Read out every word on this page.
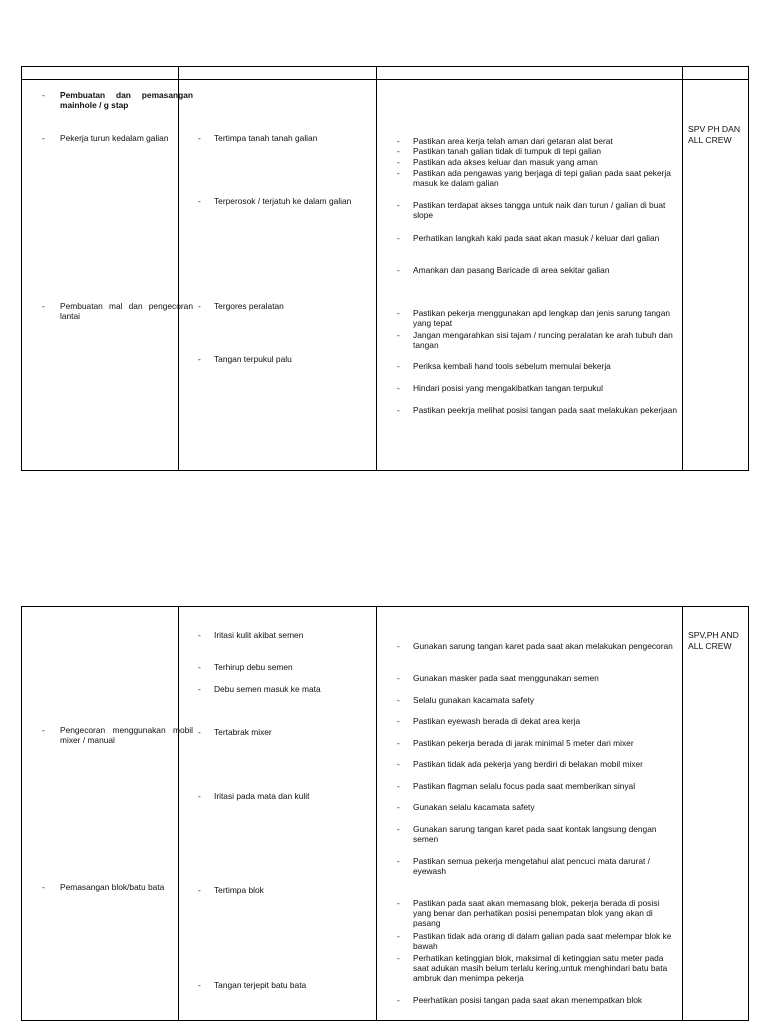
- Pembuatan dan pemasangan mainhole / g stap
- Pekerja turun kedalam galian
- Pembuatan mal dan pengecoran lantai
- Tertimpa tanah tanah galian
- Terperosok / terjatuh ke dalam galian
- Tergores peralatan
- Tangan terpukul palu
- Pastikan area kerja telah aman dari getaran alat berat
- Pastikan tanah galian tidak di tumpuk di tepi galian
- Pastikan ada akses keluar dan masuk yang aman
- Pastikan ada pengawas yang berjaga di tepi galian pada saat pekerja masuk ke dalam galian
- Pastikan terdapat akses tangga untuk naik dan turun / galian di buat slope
- Perhatikan langkah kaki pada saat akan masuk / keluar dari galian
- Amankan dan pasang Baricade di area sekitar galian
- Pastikan pekerja menggunakan apd lengkap dan jenis sarung tangan yang tepat
- Jangan mengarahkan sisi tajam / runcing peralatan ke arah tubuh dan tangan
- Periksa kembali hand tools sebelum memulai bekerja
- Hindari posisi yang mengakibatkan tangan terpukul
- Pastikan peekrja melihat posisi tangan pada saat melakukan pekerjaan
SPV PH DAN ALL CREW
- Pengecoran menggunakan mobil mixer / manual
- Pemasangan blok/batu bata
- Iritasi kulit akibat semen
- Terhirup debu semen
- Debu semen masuk ke mata
- Tertabrak mixer
- Iritasi pada mata dan kulit
- Tertimpa blok
- Tangan terjepit batu bata
- Gunakan sarung tangan karet pada saat akan melakukan pengecoran
- Gunakan masker pada saat menggunakan semen
- Selalu gunakan kacamata safety
- Pastikan eyewash berada di dekat area kerja
- Pastikan pekerja berada di jarak minimal 5 meter dari mixer
- Pastikan tidak ada pekerja yang berdiri di belakan mobil mixer
- Pastikan flagman selalu focus pada saat memberikan sinyal
- Gunakan selalu kacamata safety
- Gunakan sarung tangan karet pada saat kontak langsung dengan semen
- Pastikan semua pekerja mengetahui alat pencuci mata darurat / eyewash
- Pastikan pada saat akan memasang blok, pekerja berada di posisi yang benar dan perhatikan posisi penempatan blok yang akan di pasang
- Pastikan tidak ada orang di dalam galian pada saat melempar blok ke bawah
- Perhatikan ketinggian blok, maksimal di ketinggian satu meter pada saat adukan masih belum terlalu kering,untuk menghindari batu bata ambruk dan menimpa pekerja
- Peerhatikan posisi tangan pada saat akan menempatkan blok
SPV,PH AND ALL CREW
